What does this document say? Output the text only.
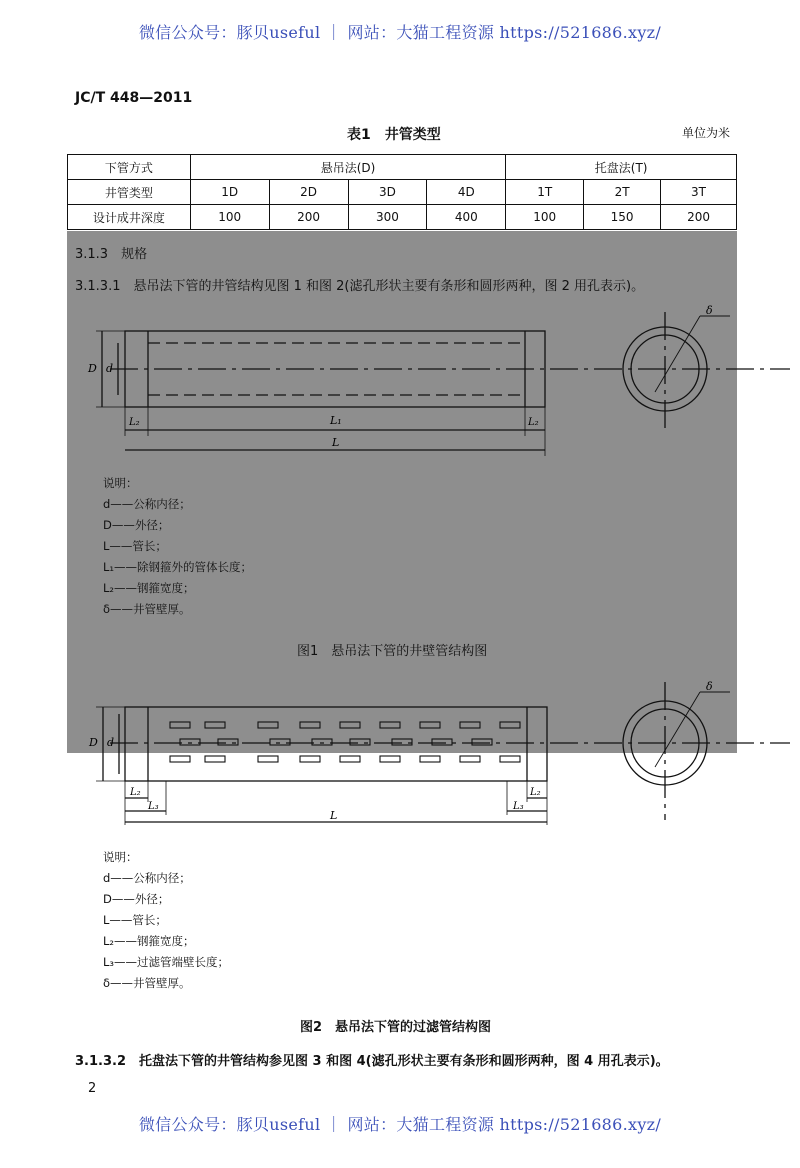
微信公众号：豚贝useful ｜ 网站：大猫工程资源 https://521686.xyz/
JC/T 448—2011
表1　井管类型	单位为米
下管方式	悬吊法(D)				托盘法(T)		
井管类型	1D	2D	3D	4D	1T	2T	3T
设计成井深度	100	200	300	400	100	150	200
3.1.3　规格
3.1.3.1　悬吊法下管的井管结构见图 1 和图 2(滤孔形状主要有条形和圆形两种，图 2 用孔表示)。
D d
L₂	L₁	L₂
L
δ
说明：
d——公称内径；
D——外径；
L——管长；
L₁——除钢箍外的管体长度；
L₂——钢箍宽度；
δ——井管壁厚。
图1　悬吊法下管的井壁管结构图
D d
L₂
L₃	L₃
L₂
L
δ
说明：
d——公称内径；
D——外径；
L——管长；
L₂——钢箍宽度；
L₃——过滤管端壁长度；
δ——井管壁厚。
图2　悬吊法下管的过滤管结构图
3.1.3.2　托盘法下管的井管结构参见图 3 和图 4(滤孔形状主要有条形和圆形两种，图 4 用孔表示)。
2
微信公众号：豚贝useful ｜ 网站：大猫工程资源 https://521686.xyz/
